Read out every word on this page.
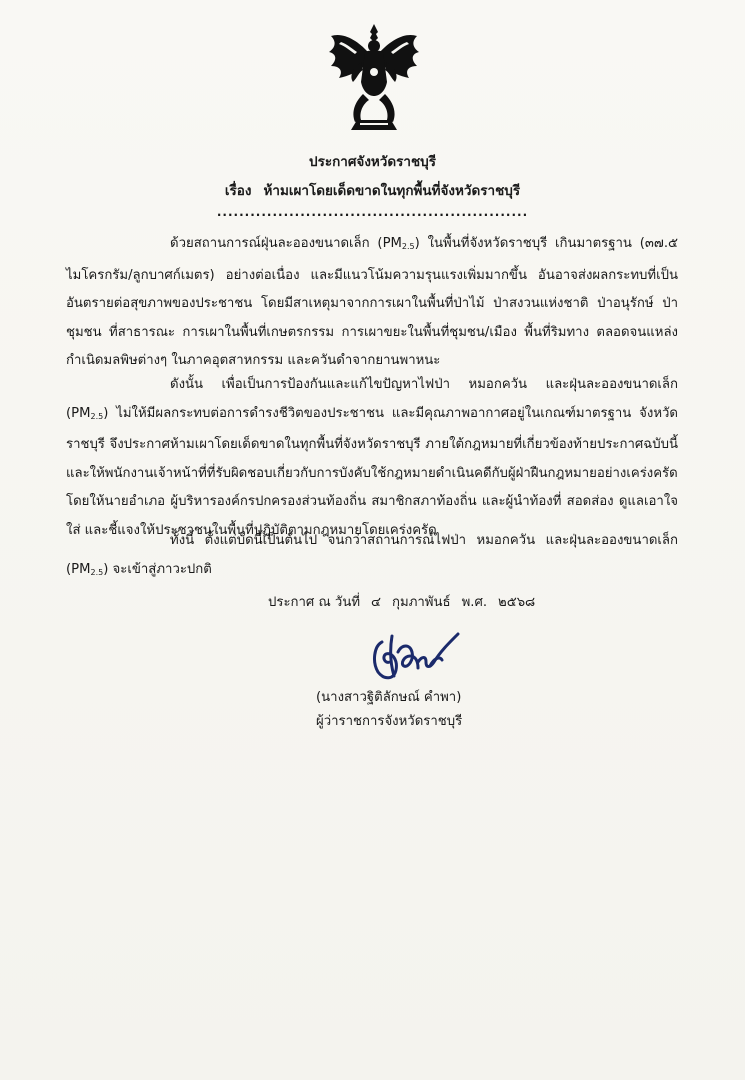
ประกาศจังหวัดราชบุรี
เรื่อง ห้ามเผาโดยเด็ดขาดในทุกพื้นที่จังหวัดราชบุรี
........................................................

ด้วยสถานการณ์ฝุ่นละอองขนาดเล็ก $(PM_{2.5})$ ในพื้นที่จังหวัดราชบุรี เกินมาตรฐาน (๓๗.๕ ไมโครกรัม/ลูกบาศก์เมตร) อย่างต่อเนื่อง และมีแนวโน้มความรุนแรงเพิ่มมากขึ้น อันอาจส่งผลกระทบที่เป็นอันตรายต่อสุขภาพของประชาชน โดยมีสาเหตุมาจากการเผาในพื้นที่ป่าไม้ ป่าสงวนแห่งชาติ ป่าอนุรักษ์ ป่าชุมชน ที่สาธารณะ การเผาในพื้นที่เกษตรกรรม การเผาขยะในพื้นที่ชุมชน/เมือง พื้นที่ริมทาง ตลอดจนแหล่งกำเนิดมลพิษต่างๆ ในภาคอุตสาหกรรม และควันดำจากยานพาหนะ

ดังนั้น เพื่อเป็นการป้องกันและแก้ไขปัญหาไฟป่า หมอกควัน และฝุ่นละอองขนาดเล็ก $(PM_{2.5})$ ไม่ให้มีผลกระทบต่อการดำรงชีวิตของประชาชน และมีคุณภาพอากาศอยู่ในเกณฑ์มาตรฐาน จังหวัดราชบุรี จึงประกาศห้ามเผาโดยเด็ดขาดในทุกพื้นที่จังหวัดราชบุรี ภายใต้กฎหมายที่เกี่ยวข้องท้ายประกาศฉบับนี้ และให้พนักงานเจ้าหน้าที่ที่รับผิดชอบเกี่ยวกับการบังคับใช้กฎหมายดำเนินคดีกับผู้ฝ่าฝืนกฎหมายอย่างเคร่งครัด โดยให้นายอำเภอ ผู้บริหารองค์กรปกครองส่วนท้องถิ่น สมาชิกสภาท้องถิ่น และผู้นำท้องที่ สอดส่อง ดูแลเอาใจใส่ และชี้แจงให้ประชาชนในพื้นที่ปฏิบัติตามกฎหมายโดยเคร่งครัด

ทั้งนี้ ตั้งแต่บัดนี้เป็นต้นไป จนกว่าสถานการณ์ไฟป่า หมอกควัน และฝุ่นละอองขนาดเล็ก $(PM_{2.5})$ จะเข้าสู่ภาวะปกติ

ประกาศ ณ วันที่ ๔ กุมภาพันธ์ พ.ศ. ๒๕๖๘
(นางสาวฐิติลักษณ์ คำพา)
ผู้ว่าราชการจังหวัดราชบุรี
